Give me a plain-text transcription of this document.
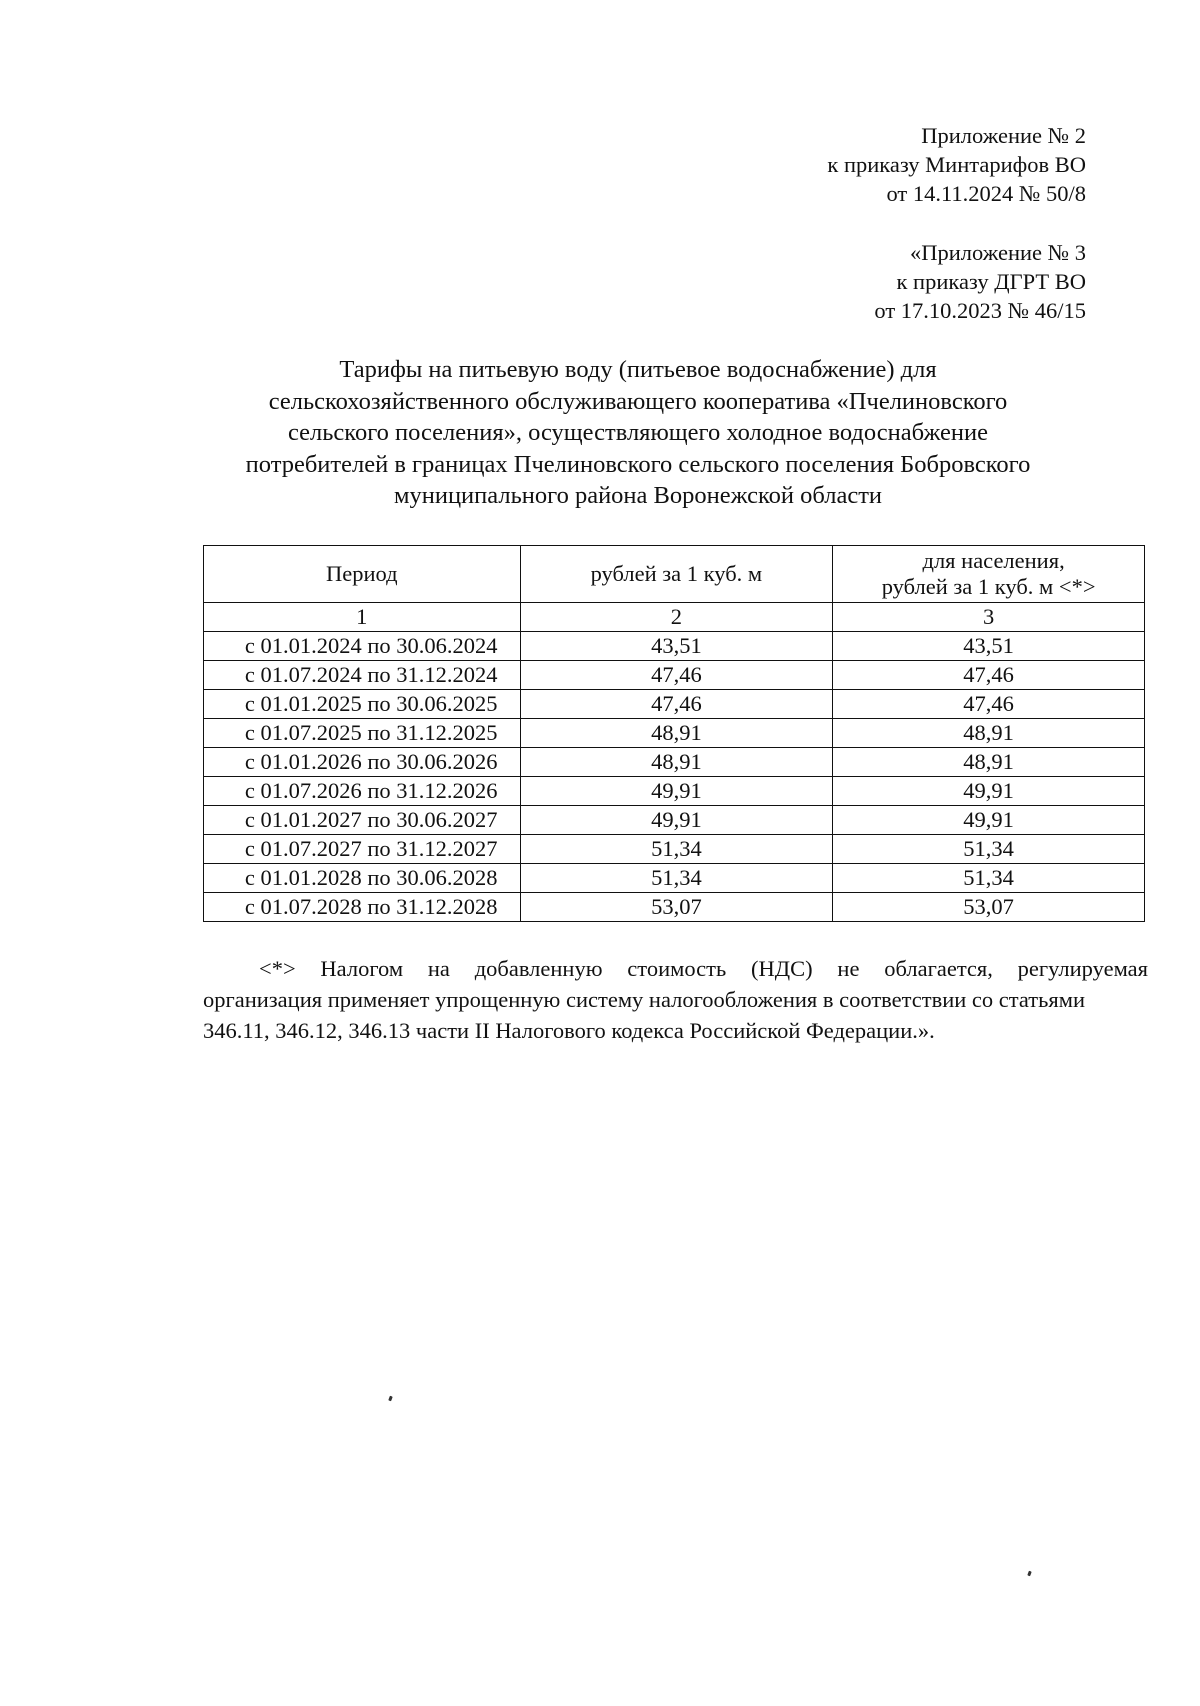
Приложение № 2
к приказу Минтарифов ВО
от 14.11.2024 № 50/8
«Приложение № 3
к приказу ДГРТ ВО
от 17.10.2023 № 46/15
Тарифы на питьевую воду (питьевое водоснабжение) для
сельскохозяйственного обслуживающего кооператива «Пчелиновского
сельского поселения», осуществляющего холодное водоснабжение
потребителей в границах Пчелиновского сельского поселения Бобровского
муниципального района Воронежской области
Период	рублей за 1 куб. м	для населения,
рублей за 1 куб. м <*>

1	2	3
с 01.01.2024 по 30.06.2024	43,51	43,51
с 01.07.2024 по 31.12.2024	47,46	47,46
с 01.01.2025 по 30.06.2025	47,46	47,46
с 01.07.2025 по 31.12.2025	48,91	48,91
с 01.01.2026 по 30.06.2026	48,91	48,91
с 01.07.2026 по 31.12.2026	49,91	49,91
с 01.01.2027 по 30.06.2027	49,91	49,91
с 01.07.2027 по 31.12.2027	51,34	51,34
с 01.01.2028 по 30.06.2028	51,34	51,34
с 01.07.2028 по 31.12.2028	53,07	53,07
<*> Налогом на добавленную стоимость (НДС) не облагается, регулируемая
организация применяет упрощенную систему налогообложения в соответствии со статьями
346.11, 346.12, 346.13 части II Налогового кодекса Российской Федерации.».
